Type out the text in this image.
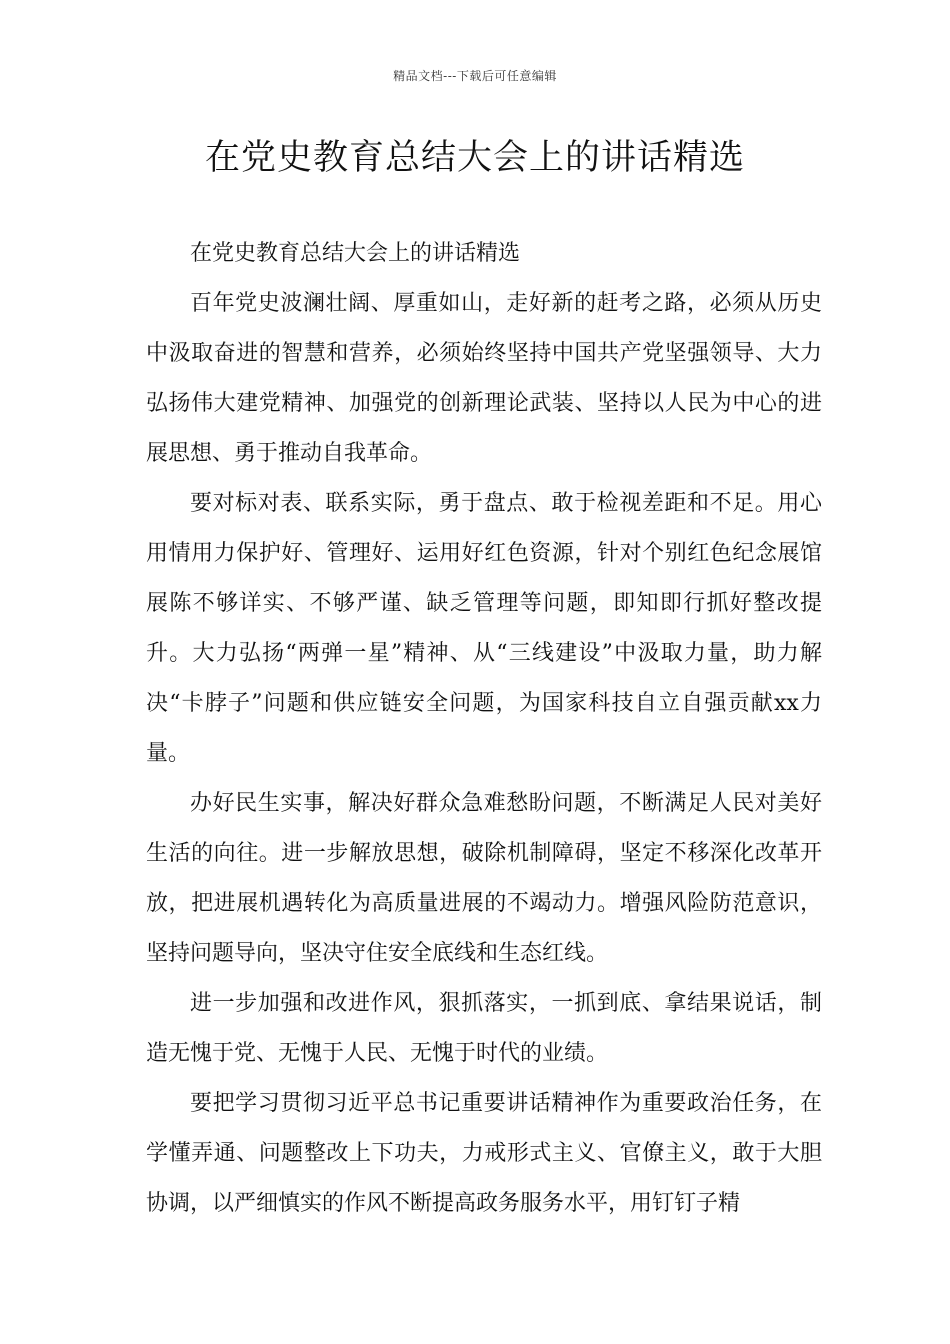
精品文档---下载后可任意编辑
在党史教育总结大会上的讲话精选

在党史教育总结大会上的讲话精选

百年党史波澜壮阔、厚重如山，走好新的赶考之路，必须从历史中汲取奋进的智慧和营养，必须始终坚持中国共产党坚强领导、大力弘扬伟大建党精神、加强党的创新理论武装、坚持以人民为中心的进展思想、勇于推动自我革命。

要对标对表、联系实际，勇于盘点、敢于检视差距和不足。用心用情用力保护好、管理好、运用好红色资源，针对个别红色纪念展馆展陈不够详实、不够严谨、缺乏管理等问题，即知即行抓好整改提升。大力弘扬“两弹一星”精神、从“三线建设”中汲取力量，助力解决“卡脖子”问题和供应链安全问题，为国家科技自立自强贡献xx力量。

办好民生实事，解决好群众急难愁盼问题，不断满足人民对美好生活的向往。进一步解放思想，破除机制障碍，坚定不移深化改革开放，把进展机遇转化为高质量进展的不竭动力。增强风险防范意识，坚持问题导向，坚决守住安全底线和生态红线。

进一步加强和改进作风，狠抓落实，一抓到底、拿结果说话，制造无愧于党、无愧于人民、无愧于时代的业绩。

要把学习贯彻习近平总书记重要讲话精神作为重要政治任务，在学懂弄通、问题整改上下功夫，力戒形式主义、官僚主义，敢于大胆协调，以严细慎实的作风不断提高政务服务水平，用钉钉子精
